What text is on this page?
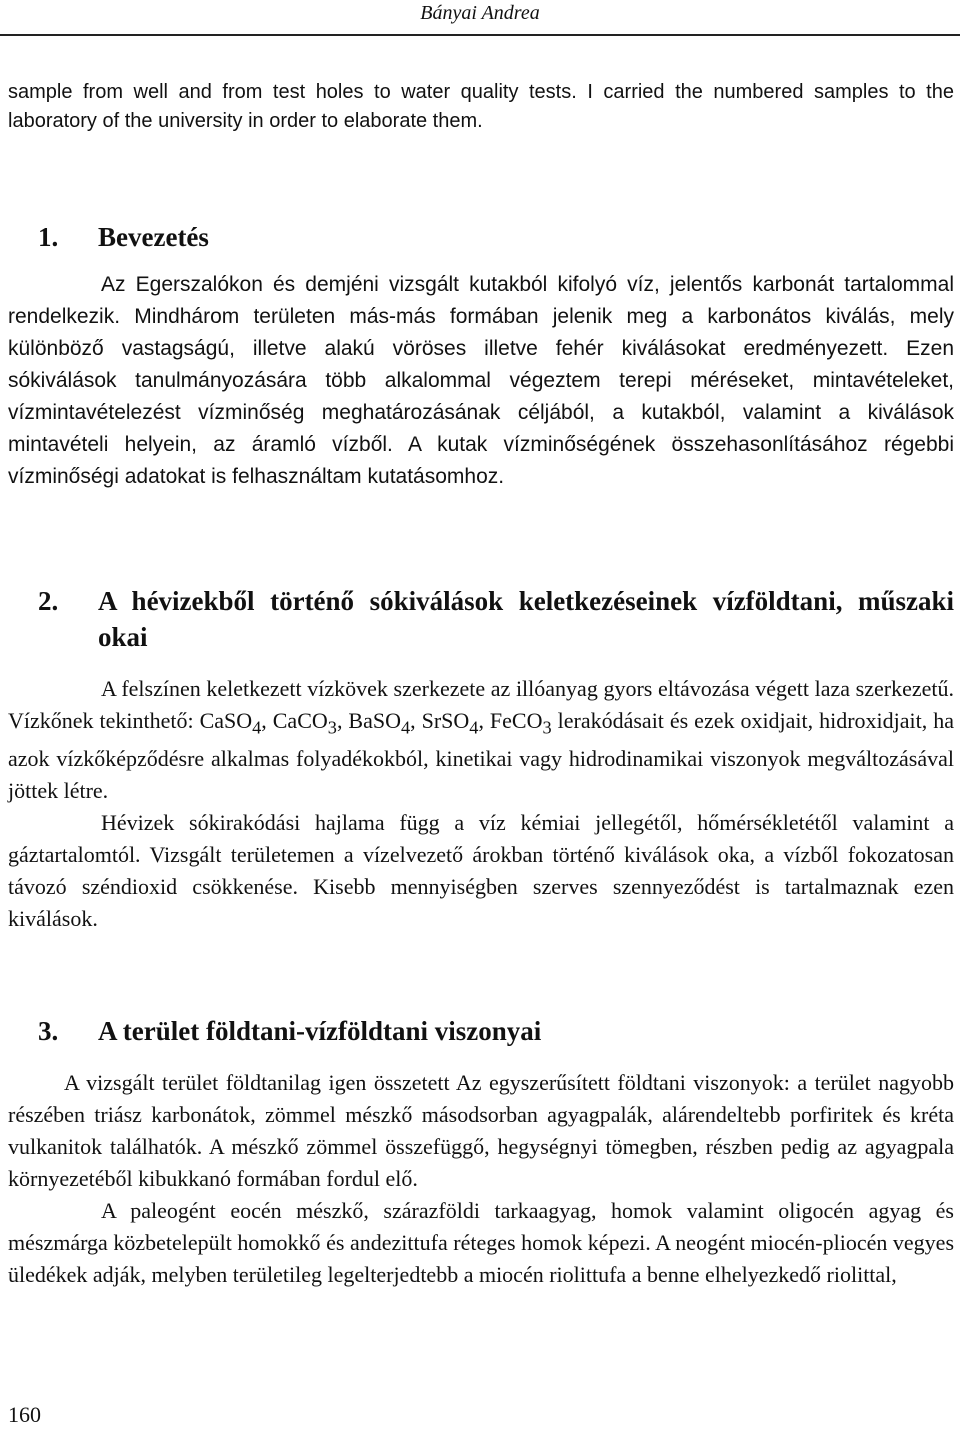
Bányai Andrea

sample from well and from test holes to water quality tests. I carried the numbered samples to the laboratory of the university in order to elaborate them.

1. Bevezetés

Az Egerszalókon és demjéni vizsgált kutakból kifolyó víz, jelentős karbonát tartalommal rendelkezik. Mindhárom területen más-más formában jelenik meg a karbonátos kiválás, mely különböző vastagságú, illetve alakú vöröses illetve fehér kiválásokat eredményezett. Ezen sókiválások tanulmányozására több alkalommal végeztem terepi méréseket, mintavételeket, vízmintavételezést vízminőség meghatározásának céljából, a kutakból, valamint a kiválások mintavételi helyein, az áramló vízből. A kutak vízminőségének összehasonlításához régebbi vízminőségi adatokat is felhasználtam kutatásomhoz.

2. A hévizekből történő sókiválások keletkezéseinek vízföldtani, műszaki okai

A felszínen keletkezett vízkövek szerkezete az illóanyag gyors eltávozása végett laza szerkezetű. Vízkőnek tekinthető: CaSO$_4$, CaCO$_3$, BaSO$_4$, SrSO$_4$, FeCO$_3$ lerakódásait és ezek oxidjait, hidroxidjait, ha azok vízkőképződésre alkalmas folyadékokból, kinetikai vagy hidrodinamikai viszonyok megváltozásával jöttek létre.

Hévizek sókirakódási hajlama függ a víz kémiai jellegétől, hőmérsékletétől valamint a gáztartalomtól. Vizsgált területemen a vízelvezető árokban történő kiválások oka, a vízből fokozatosan távozó széndioxid csökkenése. Kisebb mennyiségben szerves szennyeződést is tartalmaznak ezen kiválások.

3. A terület földtani-vízföldtani viszonyai

A vizsgált terület földtanilag igen összetett Az egyszerűsített földtani viszonyok: a terület nagyobb részében triász karbonátok, zömmel mészkő másodsorban agyagpalák, alárendeltebb porfiritek és kréta vulkanitok találhatók. A mészkő zömmel összefüggő, hegységnyi tömegben, részben pedig az agyagpala környezetéből kibukkanó formában fordul elő.

A paleogént eocén mészkő, szárazföldi tarkaagyag, homok valamint oligocén agyag és mészmárga közbetelepült homokkő és andezittufa réteges homok képezi. A neogént miocén-pliocén vegyes üledékek adják, melyben területileg legelterjedtebb a miocén riolittufa a benne elhelyezkedő riolittal,

160
